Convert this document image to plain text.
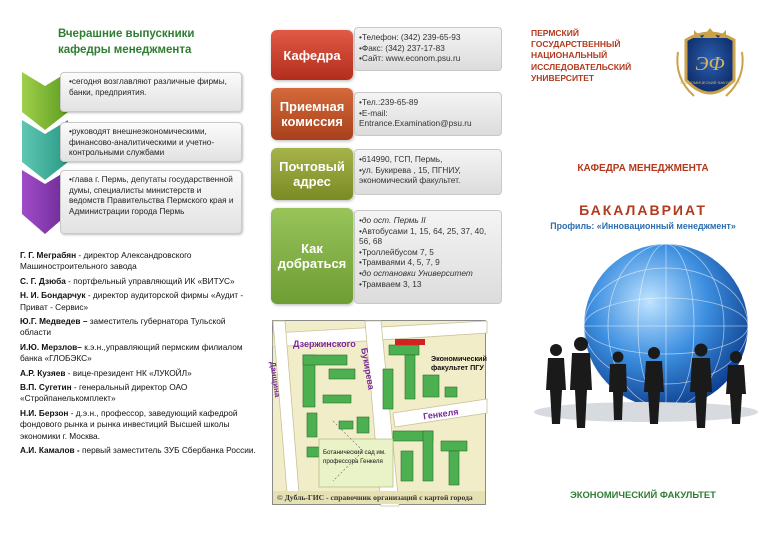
Вчерашние выпускники кафедры менеджмента
•сегодня возглавляют различные фирмы, банки, предприятия.
•руководят внешнеэкономическими, финансово-аналитическими и учетно-контрольными службами
•глава г. Пермь, депутаты государственной думы, специалисты министерств и ведомств Правительства Пермского края и Администрации города Пермь
Г. Г. Меграбян - директор Александровского Машиностроительного завода
С. Г. Дзюба - портфельный управляющий ИК «ВИТУС»
Н. И. Бондарчук - директор аудиторской фирмы «Аудит - Приват - Сервис»
Ю.Г. Медведев – заместитель губернатора Тульской области
И.Ю. Мерзлов– к.э.н.,управляющий пермским филиалом банка «ГЛОБЭКС»
А.Р. Кузяев - вице-президент НК «ЛУКОЙЛ»
В.П. Сугетин - генеральный директор ОАО «Стройпанелькомплект»
Н.И. Берзон - д.э.н., профессор, заведующий кафедрой фондового рынка и рынка инвестиций Высшей школы экономики г. Москва.
А.И. Камалов - первый заместитель ЗУБ Сбербанка России.
Кафедра
•Телефон: (342) 239-65-93
•Факс: (342) 237-17-83
•Сайт: www.econom.psu.ru
Приемная комиссия
•Тел.:239-65-89
•E-mail:
Entrance.Examination@psu.ru
Почтовый адрес
•614990, ГСП, Пермь,
•ул. Букирева , 15, ПГНИУ, экономический факультет.
Как добраться
•до ост. Пермь II
•Автобусами 1, 15, 64, 25, 37, 40, 56, 68
•Троллейбусом 7, 5
•Трамваями 4, 5, 7, 9
•до остановки Университет
•Трамваем 3, 13
Дзержинского
Букирева
Генкеля
Данщина
Экономический факультет ПГУ
Ботанический сад им. профессора Генкеля
© Дубль-ГИС - справочник организаций с картой города
ПЕРМСКИЙ ГОСУДАРСТВЕННЫЙ НАЦИОНАЛЬНЫЙ ИССЛЕДОВАТЕЛЬСКИЙ УНИВЕРСИТЕТ
ЭФ
ЭКОНОМИЧЕСКИЙ ФАКУЛЬТЕТ
КАФЕДРА МЕНЕДЖМЕНТА
БАКАЛАВРИАТ
Профиль: «Инновационный менеджмент»
ЭКОНОМИЧЕСКИЙ ФАКУЛЬТЕТ
